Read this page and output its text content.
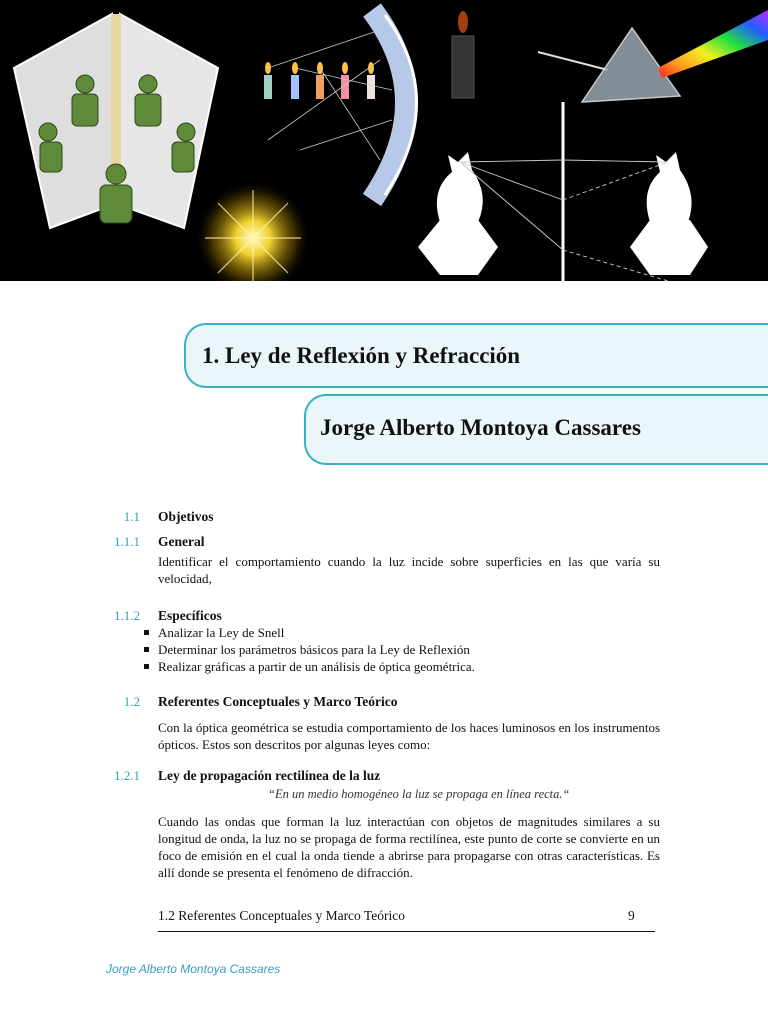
1. Ley de Reflexión y Refracción
Jorge Alberto Montoya Cassares
1.1 Objetivos
1.1.1 General
Identificar el comportamiento cuando la luz incide sobre superficies en las que varía su velocidad,
1.1.2 Específicos
Analizar la Ley de Snell
Determinar los parámetros básicos para la Ley de Reflexión
Realizar gráficas a partir de un análisis de óptica geométrica.
1.2 Referentes Conceptuales y Marco Teórico
Con la óptica geométrica se estudia comportamiento de los haces luminosos en los instrumentos ópticos. Estos son descritos por algunas leyes como:
1.2.1 Ley de propagación rectilínea de la luz
“En un medio homogéneo la luz se propaga en línea recta.“
Cuando las ondas que forman la luz interactúan con objetos de magnitudes similares a su longitud de onda, la luz no se propaga de forma rectilínea, este punto de corte se convierte en un foco de emisión en el cual la onda tiende a abrirse para propagarse con otras características. Es allí donde se presenta el fenómeno de difracción.
1.2 Referentes Conceptuales y Marco Teórico	9
Jorge Alberto Montoya Cassares
